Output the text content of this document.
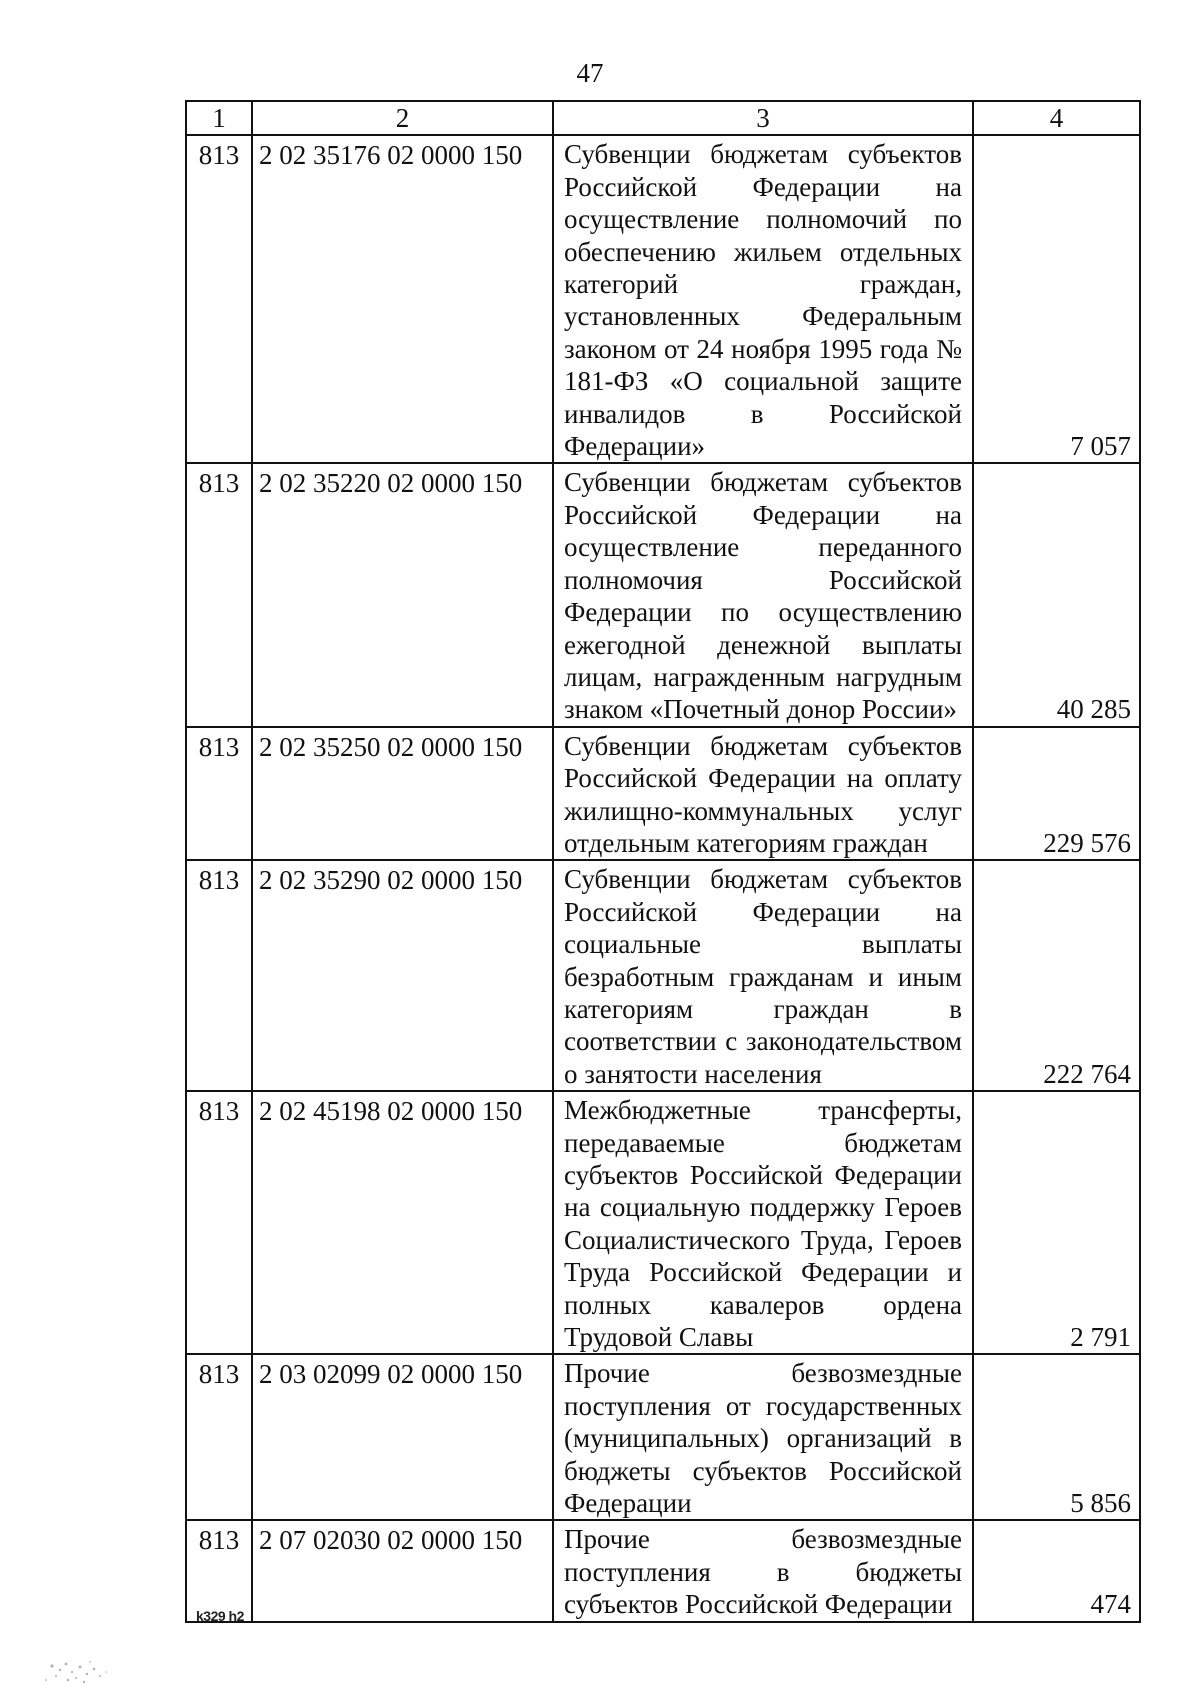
47
1	2	3	4
813	2 02 35176 02 0000 150	Субвенции бюджетам субъектов Российской Федерации на осуществление полномочий по обеспечению жильем отдельных категорий граждан, установленных Федеральным законом от 24 ноября 1995 года № 181-ФЗ «О социальной защите инвалидов в Российской Федерации»	7 057
813	2 02 35220 02 0000 150	Субвенции бюджетам субъектов Российской Федерации на осуществление переданного полномочия Российской Федерации по осуществлению ежегодной денежной выплаты лицам, награжденным нагрудным знаком «Почетный донор России»	40 285
813	2 02 35250 02 0000 150	Субвенции бюджетам субъектов Российской Федерации на оплату жилищно-коммунальных услуг отдельным категориям граждан	229 576
813	2 02 35290 02 0000 150	Субвенции бюджетам субъектов Российской Федерации на социальные выплаты безработным гражданам и иным категориям граждан в соответствии с законодательством о занятости населения	222 764
813	2 02 45198 02 0000 150	Межбюджетные трансферты, передаваемые бюджетам субъектов Российской Федерации на социальную поддержку Героев Социалистического Труда, Героев Труда Российской Федерации и полных кавалеров ордена Трудовой Славы	2 791
813	2 03 02099 02 0000 150	Прочие безвозмездные поступления от государственных (муниципальных) организаций в бюджеты субъектов Российской Федерации	5 856
813	2 07 02030 02 0000 150	Прочие безвозмездные поступления в бюджеты субъектов Российской Федерации	474
k329 h2
